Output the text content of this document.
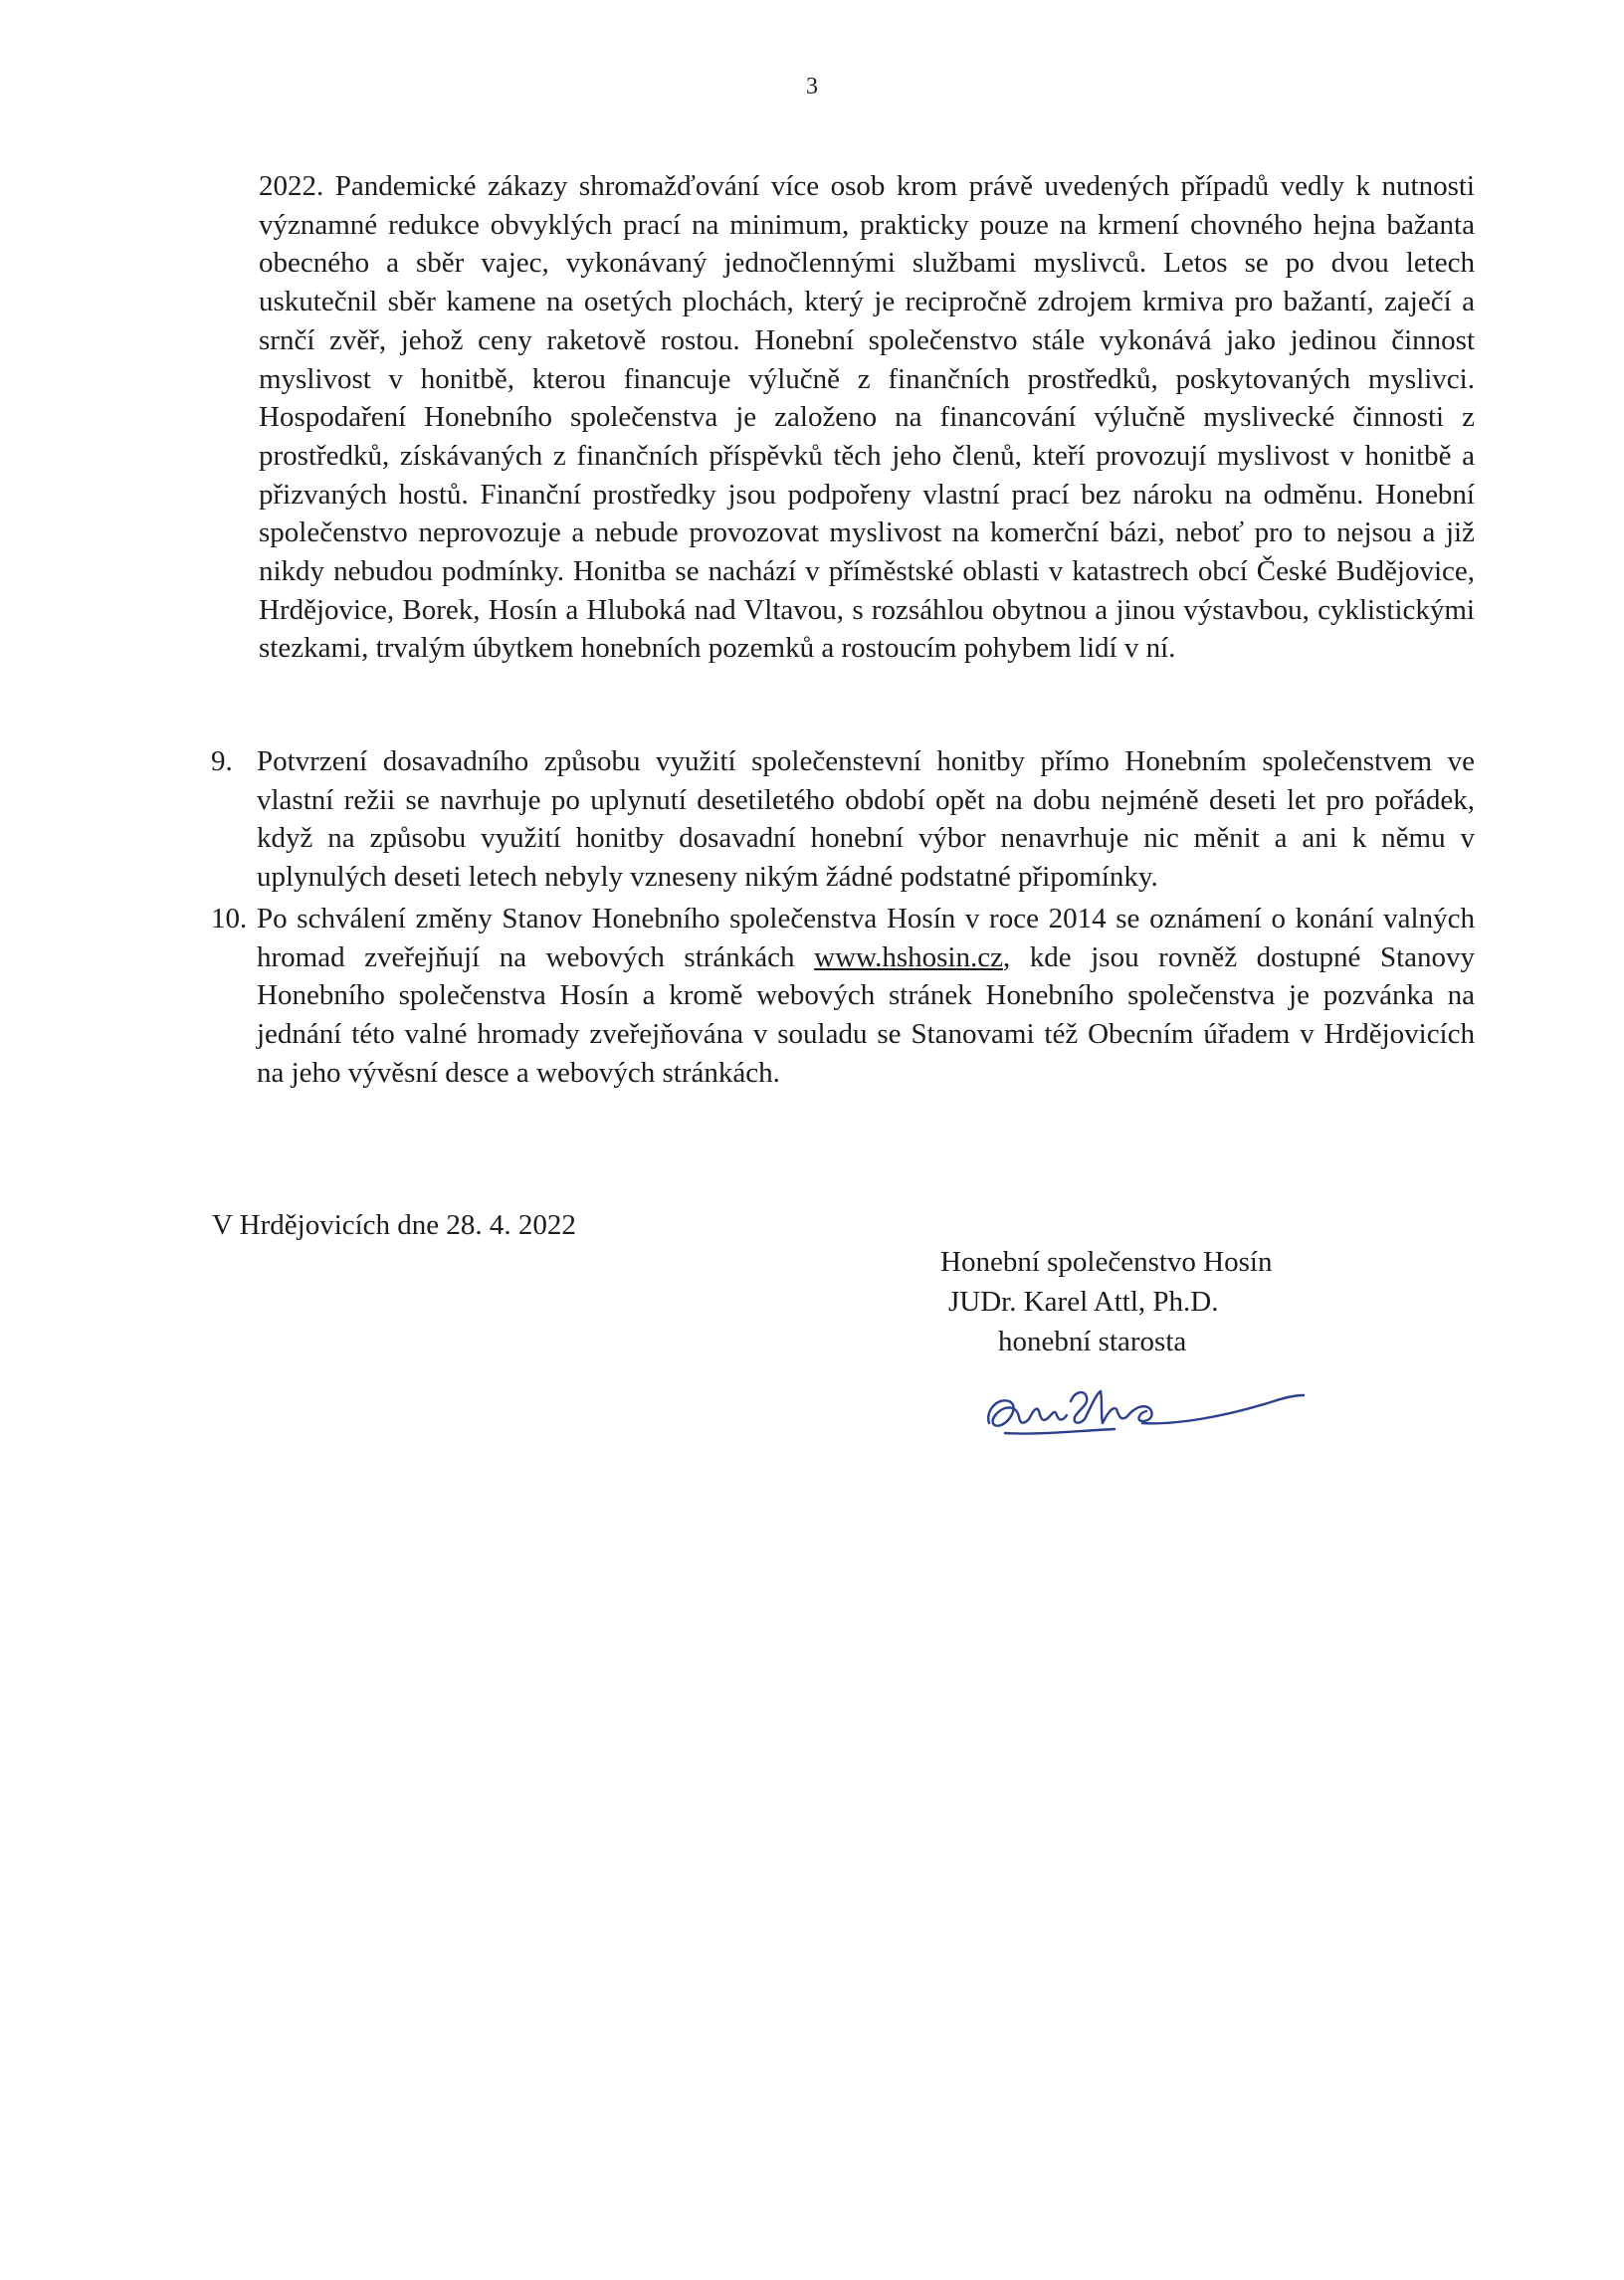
3

2022. Pandemické zákazy shromažďování více osob krom právě uvedených případů vedly k nutnosti významné redukce obvyklých prací na minimum, prakticky pouze na krmení chovného hejna bažanta obecného a sběr vajec, vykonávaný jednočlennými službami myslivců. Letos se po dvou letech uskutečnil sběr kamene na osetých plochách, který je recipročně zdrojem krmiva pro bažantí, zaječí a srnčí zvěř, jehož ceny raketově rostou. Honební společenstvo stále vykonává jako jedinou činnost myslivost v honitbě, kterou financuje výlučně z finančních prostředků, poskytovaných myslivci. Hospodaření Honebního společenstva je založeno na financování výlučně myslivecké činnosti z prostředků, získávaných z finančních příspěvků těch jeho členů, kteří provozují myslivost v honitbě a přizvaných hostů. Finanční prostředky jsou podpořeny vlastní prací bez nároku na odměnu. Honební společenstvo neprovozuje a nebude provozovat myslivost na komerční bázi, neboť pro to nejsou a již nikdy nebudou podmínky. Honitba se nachází v příměstské oblasti v katastrech obcí České Budějovice, Hrdějovice, Borek, Hosín a Hluboká nad Vltavou, s rozsáhlou obytnou a jinou výstavbou, cyklistickými stezkami, trvalým úbytkem honebních pozemků a rostoucím pohybem lidí v ní.

9. Potvrzení dosavadního způsobu využití společenstevní honitby přímo Honebním společenstvem ve vlastní režii se navrhuje po uplynutí desetiletého období opět na dobu nejméně deseti let pro pořádek, když na způsobu využití honitby dosavadní honební výbor nenavrhuje nic měnit a ani k němu v uplynulých deseti letech nebyly vzneseny nikým žádné podstatné připomínky.
10. Po schválení změny Stanov Honebního společenstva Hosín v roce 2014 se oznámení o konání valných hromad zveřejňují na webových stránkách www.hshosin.cz, kde jsou rovněž dostupné Stanovy Honebního společenstva Hosín a kromě webových stránek Honebního společenstva je pozvánka na jednání této valné hromady zveřejňována v souladu se Stanovami též Obecním úřadem v Hrdějovicích na jeho vývěsní desce a webových stránkách.
V Hrdějovicích dne 28. 4. 2022
Honební společenstvo Hosín
JUDr. Karel Attl, Ph.D.
honební starosta
